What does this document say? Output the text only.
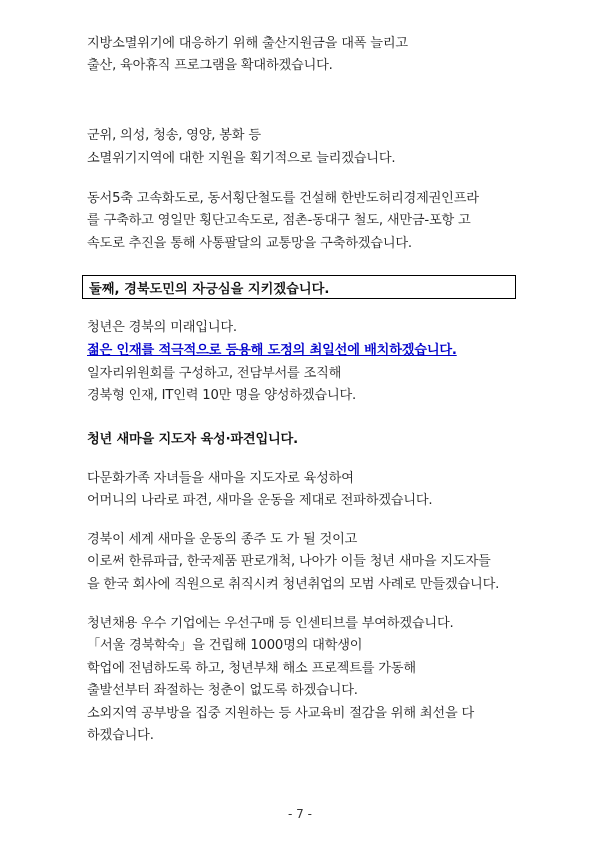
지방소멸위기에 대응하기 위해 출산지원금을 대폭 늘리고
출산, 육아휴직 프로그램을 확대하겠습니다.
군위, 의성, 청송, 영양, 봉화 등
소멸위기지역에 대한 지원을 획기적으로 늘리겠습니다.
동서5축 고속화도로, 동서횡단철도를 건설해 한반도허리경제권인프라
를 구축하고 영일만 횡단고속도로, 점촌-동대구 철도, 새만금-포항 고
속도로 추진을 통해 사통팔달의 교통망을 구축하겠습니다.
둘째, 경북도민의 자긍심을 지키겠습니다.
청년은 경북의 미래입니다.
젊은 인재를 적극적으로 등용해 도정의 최일선에 배치하겠습니다.
일자리위원회를 구성하고, 전담부서를 조직해
경북형 인재, IT인력 10만 명을 양성하겠습니다.
청년 새마을 지도자 육성·파견입니다.
다문화가족 자녀들을 새마을 지도자로 육성하여
어머니의 나라로 파견, 새마을 운동을 제대로 전파하겠습니다.
경북이 세계 새마을 운동의 종주 도 가 될 것이고
이로써 한류파급, 한국제품 판로개척, 나아가 이들 청년 새마을 지도자들
을 한국 회사에 직원으로 취직시켜 청년취업의 모범 사례로 만들겠습니다.
청년채용 우수 기업에는 우선구매 등 인센티브를 부여하겠습니다.
「서울 경북학숙」을 건립해 1000명의 대학생이
학업에 전념하도록 하고, 청년부채 해소 프로젝트를 가동해
출발선부터 좌절하는 청춘이 없도록 하겠습니다.
소외지역 공부방을 집중 지원하는 등 사교육비 절감을 위해 최선을 다
하겠습니다.
- 7 -
